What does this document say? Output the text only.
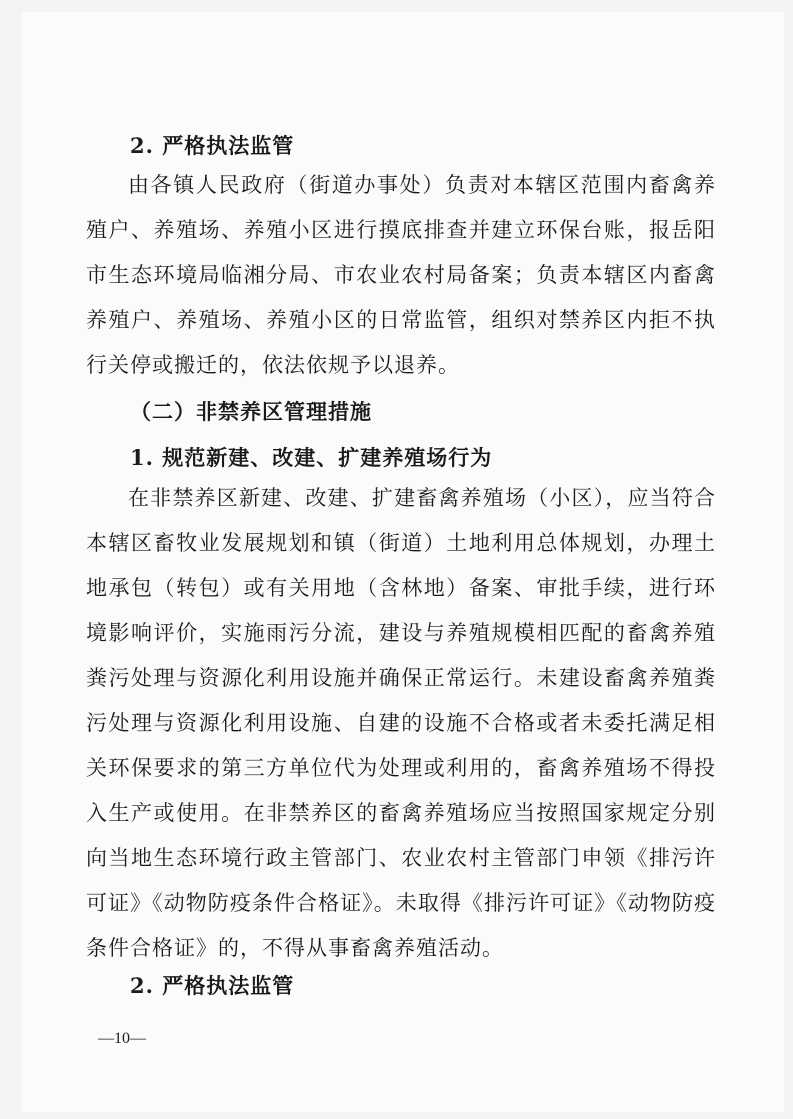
2. 严格执法监管

由各镇人民政府（街道办事处）负责对本辖区范围内畜禽养殖户、养殖场、养殖小区进行摸底排查并建立环保台账，报岳阳市生态环境局临湘分局、市农业农村局备案；负责本辖区内畜禽养殖户、养殖场、养殖小区的日常监管，组织对禁养区内拒不执行关停或搬迁的，依法依规予以退养。

（二）非禁养区管理措施

1. 规范新建、改建、扩建养殖场行为

在非禁养区新建、改建、扩建畜禽养殖场（小区），应当符合本辖区畜牧业发展规划和镇（街道）土地利用总体规划，办理土地承包（转包）或有关用地（含林地）备案、审批手续，进行环境影响评价，实施雨污分流，建设与养殖规模相匹配的畜禽养殖粪污处理与资源化利用设施并确保正常运行。未建设畜禽养殖粪污处理与资源化利用设施、自建的设施不合格或者未委托满足相关环保要求的第三方单位代为处理或利用的，畜禽养殖场不得投入生产或使用。在非禁养区的畜禽养殖场应当按照国家规定分别向当地生态环境行政主管部门、农业农村主管部门申领《排污许可证》《动物防疫条件合格证》。未取得《排污许可证》《动物防疫条件合格证》的，不得从事畜禽养殖活动。

2. 严格执法监管

—10—
